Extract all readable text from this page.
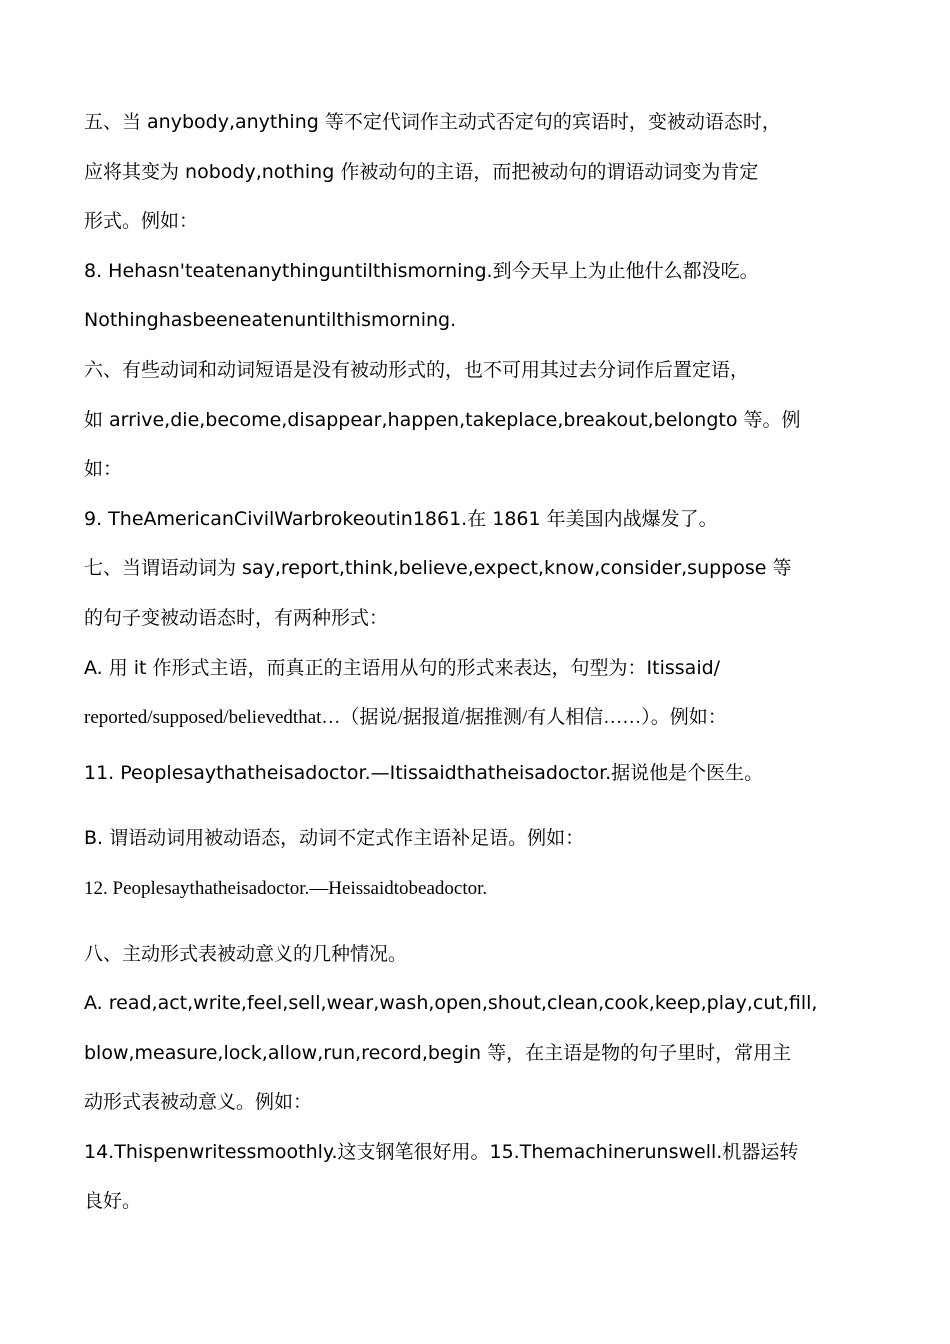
五、当 anybody,anything 等不定代词作主动式否定句的宾语时，变被动语态时，
应将其变为 nobody,nothing 作被动句的主语，而把被动句的谓语动词变为肯定
形式。例如：
8. Hehasn'teatenanythinguntilthismorning.到今天早上为止他什么都没吃。
Nothinghasbeeneatenuntilthismorning.
六、有些动词和动词短语是没有被动形式的，也不可用其过去分词作后置定语，
如 arrive,die,become,disappear,happen,takeplace,breakout,belongto 等。例
如：
9. TheAmericanCivilWarbrokeoutin1861.在 1861 年美国内战爆发了。
七、当谓语动词为 say,report,think,believe,expect,know,consider,suppose 等
的句子变被动语态时，有两种形式：
A. 用 it 作形式主语，而真正的主语用从句的形式来表达，句型为：Itissaid/
reported/supposed/believedthat…（据说/据报道/据推测/有人相信……）。例如：
11. Peoplesaythatheisadoctor.—Itissaidthatheisadoctor.据说他是个医生。
B. 谓语动词用被动语态，动词不定式作主语补足语。例如：
12. Peoplesaythatheisadoctor.—Heissaidtobeadoctor.
八、主动形式表被动意义的几种情况。
A. read,act,write,feel,sell,wear,wash,open,shout,clean,cook,keep,play,cut,fill,
blow,measure,lock,allow,run,record,begin 等，在主语是物的句子里时，常用主
动形式表被动意义。例如：
14.Thispenwritessmoothly.这支钢笔很好用。15.Themachinerunswell.机器运转
良好。
